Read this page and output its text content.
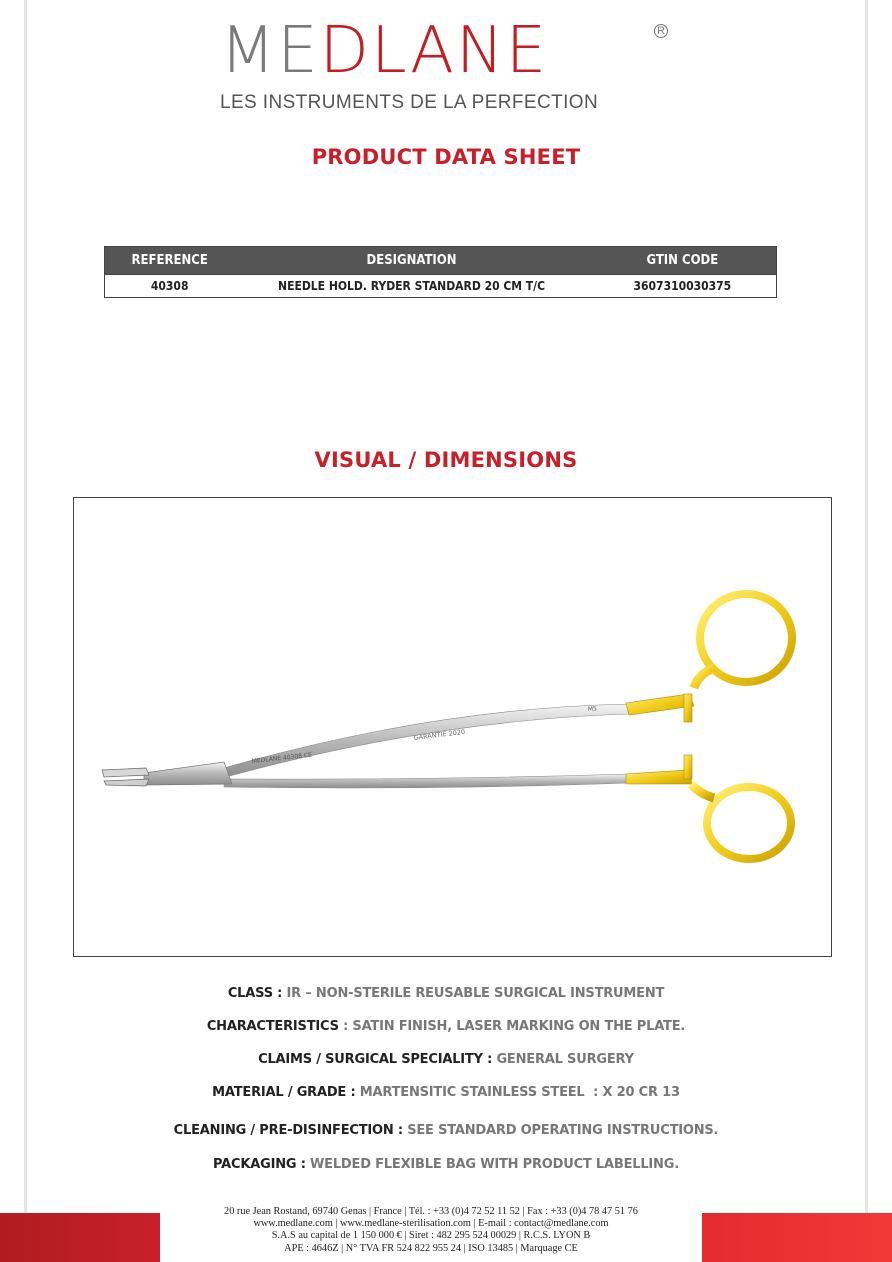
MEDLANE	R
LES INSTRUMENTS DE LA PERFECTION
PRODUCT DATA SHEET
REFERENCE	DESIGNATION	GTIN CODE
40308	NEEDLE HOLD. RYDER STANDARD 20 CM T/C	3607310030375
VISUAL / DIMENSIONS
MEDLANE 40308 CE
GARANTIE 2020
M5
CLASS : IR – NON-STERILE REUSABLE SURGICAL INSTRUMENT
CHARACTERISTICS : SATIN FINISH, LASER MARKING ON THE PLATE.
CLAIMS / SURGICAL SPECIALITY : GENERAL SURGERY
MATERIAL / GRADE : MARTENSITIC STAINLESS STEEL  : X 20 CR 13
CLEANING / PRE-DISINFECTION : SEE STANDARD OPERATING INSTRUCTIONS.
PACKAGING : WELDED FLEXIBLE BAG WITH PRODUCT LABELLING.
20 rue Jean Rostand, 69740 Genas | France | Tél. : +33 (0)4 72 52 11 52 | Fax : +33 (0)4 78 47 51 76
www.medlane.com | www.medlane-sterilisation.com | E-mail : contact@medlane.com
S.A.S au capital de 1 150 000 € | Siret : 482 295 524 00029 | R.C.S. LYON B
APE : 4646Z | N° TVA FR 524 822 955 24 | ISO 13485 | Marquage CE
